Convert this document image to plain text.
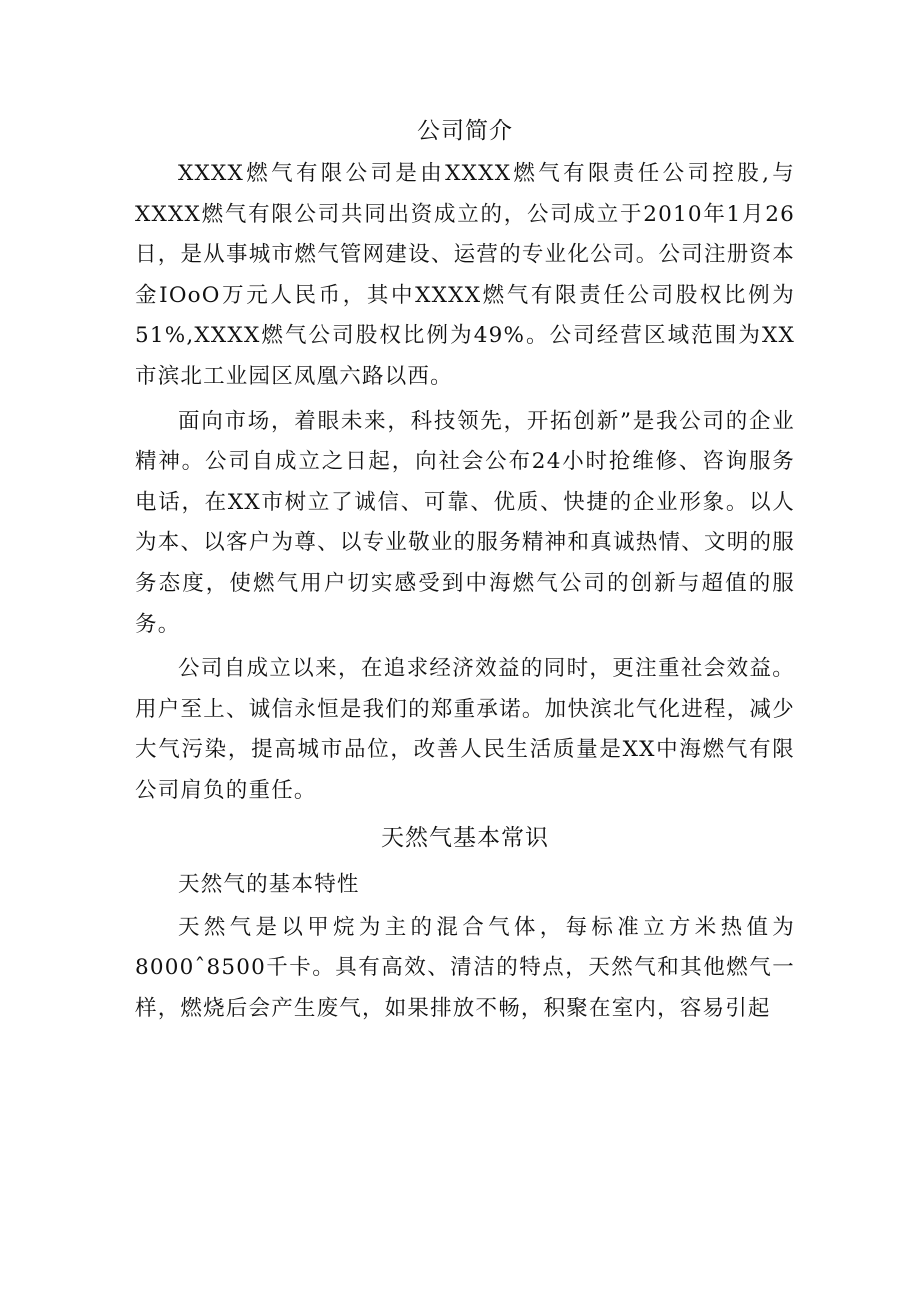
公司简介

XXXX燃气有限公司是由XXXX燃气有限责任公司控股,与XXXX燃气有限公司共同出资成立的，公司成立于2010年1月26日，是从事城市燃气管网建设、运营的专业化公司。公司注册资本金IOoO万元人民币，其中XXXX燃气有限责任公司股权比例为51%,XXXX燃气公司股权比例为49%。公司经营区域范围为XX市滨北工业园区凤凰六路以西。

面向市场，着眼未来，科技领先，开拓创新”是我公司的企业精神。公司自成立之日起，向社会公布24小时抢维修、咨询服务电话，在XX市树立了诚信、可靠、优质、快捷的企业形象。以人为本、以客户为尊、以专业敬业的服务精神和真诚热情、文明的服务态度，使燃气用户切实感受到中海燃气公司的创新与超值的服务。

公司自成立以来，在追求经济效益的同时，更注重社会效益。用户至上、诚信永恒是我们的郑重承诺。加快滨北气化进程，减少大气污染，提高城市品位，改善人民生活质量是XX中海燃气有限公司肩负的重任。

天然气基本常识
天然气的基本特性

天然气是以甲烷为主的混合气体，每标准立方米热值为8000ˆ8500千卡。具有高效、清洁的特点，天然气和其他燃气一样，燃烧后会产生废气，如果排放不畅，积聚在室内，容易引起
